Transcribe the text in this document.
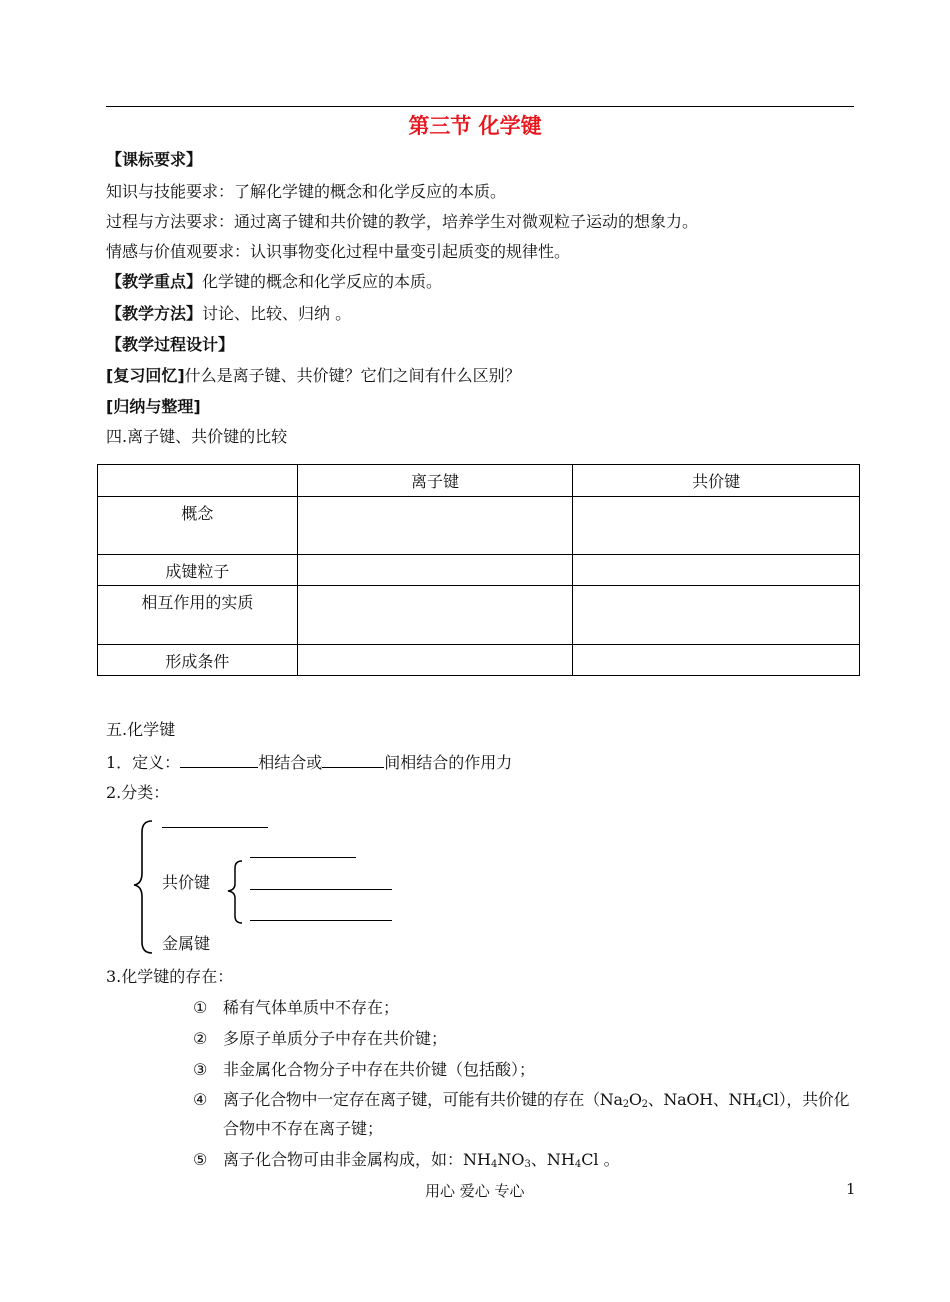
第三节 化学键
【课标要求】
知识与技能要求：了解化学键的概念和化学反应的本质。
过程与方法要求：通过离子键和共价键的教学，培养学生对微观粒子运动的想象力。
情感与价值观要求：认识事物变化过程中量变引起质变的规律性。
【教学重点】化学键的概念和化学反应的本质。
【教学方法】讨论、比较、归纳 。
【教学过程设计】
[复习回忆]什么是离子键、共价键？它们之间有什么区别？
[归纳与整理]
四.离子键、共价键的比较
	离子键	共价键
概念		
成键粒子		
相互作用的实质		
形成条件		
五.化学键
1．定义：	相结合或	间相结合的作用力
2.分类：
共价键
金属键
3.化学键的存在：
① 稀有气体单质中不存在；
② 多原子单质分子中存在共价键；
③ 非金属化合物分子中存在共价键（包括酸）；
④ 离子化合物中一定存在离子键，可能有共价键的存在（$Na_2O_2$、NaOH、$NH_4Cl$），共价化
合物中不存在离子键；
⑤ 离子化合物可由非金属构成，如：$NH_4NO_3$、$NH_4Cl$ 。
用心 爱心 专心	1
